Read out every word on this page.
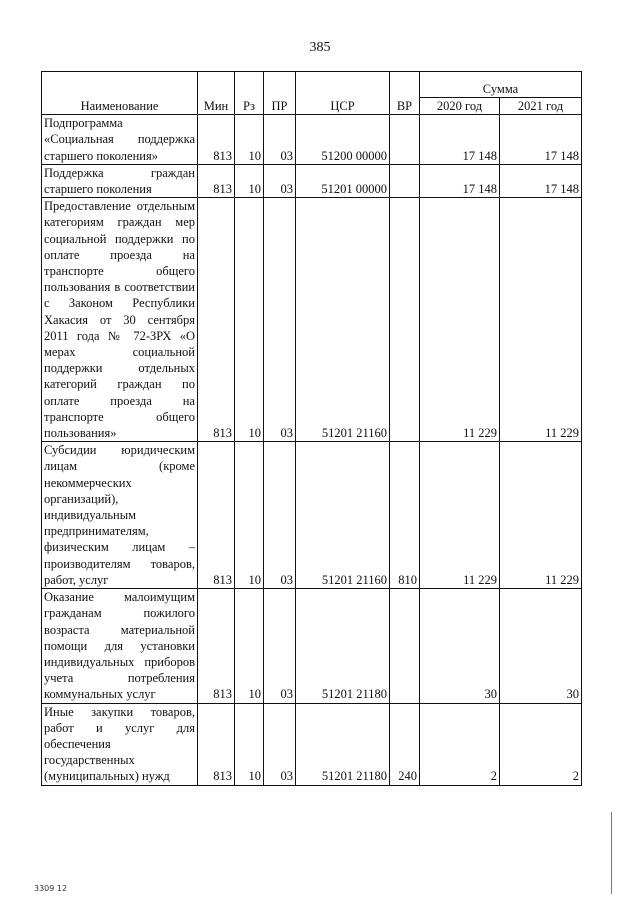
385
Наименование	Мин	Рз	ПР	ЦСР	ВР	Сумма	
						2020 год	2021 год
Подпрограмма «Социальная поддержка старшего поколения»	813	10	03	51200 00000		17 148	17 148
Поддержка граждан старшего поколения	813	10	03	51201 00000		17 148	17 148
Предоставление отдельным категориям граждан мер социальной поддержки по оплате проезда на транспорте общего пользования в соответствии с Законом Республики Хакасия от 30 сентября 2011 года № 72-ЗРХ «О мерах социальной поддержки отдельных категорий граждан по оплате проезда на транспорте общего пользования»	813	10	03	51201 21160		11 229	11 229
Субсидии юридическим лицам (кроме некоммерческих организаций), индивидуальным предпринимателям, физическим лицам – производителям товаров, работ, услуг	813	10	03	51201 21160	810	11 229	11 229
Оказание малоимущим гражданам пожилого возраста материальной помощи для установки индивидуальных приборов учета потребления коммунальных услуг	813	10	03	51201 21180		30	30
Иные закупки товаров, работ и услуг для обеспечения государственных (муниципальных) нужд	813	10	03	51201 21180	240	2	2
3309 12
